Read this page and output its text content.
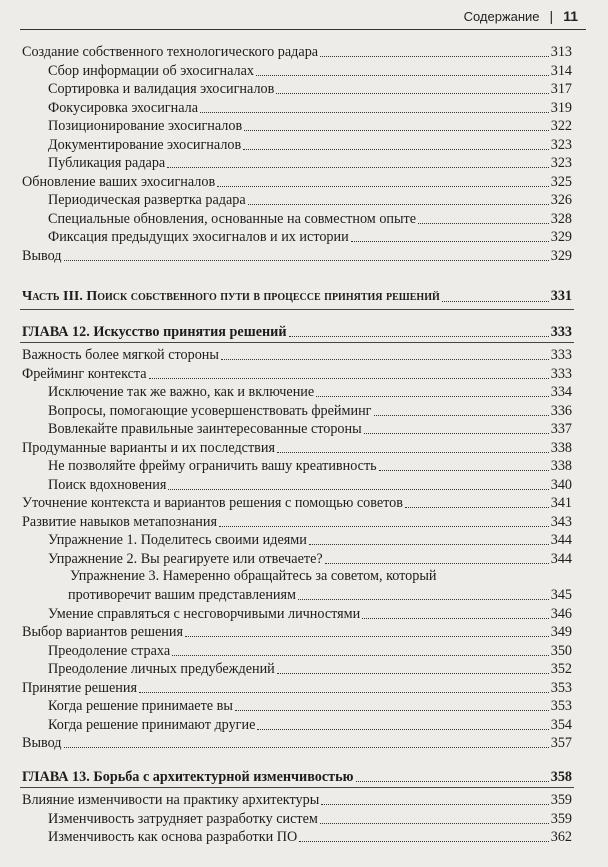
Содержание | 11
Создание собственного технологического радара	313
Сбор информации об эхосигналах	314
Сортировка и валидация эхосигналов	317
Фокусировка эхосигнала	319
Позиционирование эхосигналов	322
Документирование эхосигналов	323
Публикация радара	323
Обновление ваших эхосигналов	325
Периодическая развертка радара	326
Специальные обновления, основанные на совместном опыте	328
Фиксация предыдущих эхосигналов и их истории	329
Вывод	329
Часть III. Поиск собственного пути в процессе принятия решений	331
ГЛАВА 12. Искусство принятия решений	333
Важность более мягкой стороны	333
Фрейминг контекста	333
Исключение так же важно, как и включение	334
Вопросы, помогающие усовершенствовать фрейминг	336
Вовлекайте правильные заинтересованные стороны	337
Продуманные варианты и их последствия	338
Не позволяйте фрейму ограничить вашу креативность	338
Поиск вдохновения	340
Уточнение контекста и вариантов решения с помощью советов	341
Развитие навыков метапознания	343
Упражнение 1. Поделитесь своими идеями	344
Упражнение 2. Вы реагируете или отвечаете?	344
Упражнение 3. Намеренно обращайтесь за советом, который
противоречит вашим представлениям	345
Умение справляться с несговорчивыми личностями	346
Выбор вариантов решения	349
Преодоление страха	350
Преодоление личных предубеждений	352
Принятие решения	353
Когда решение принимаете вы	353
Когда решение принимают другие	354
Вывод	357
ГЛАВА 13. Борьба с архитектурной изменчивостью	358
Влияние изменчивости на практику архитектуры	359
Изменчивость затрудняет разработку систем	359
Изменчивость как основа разработки ПО	362
